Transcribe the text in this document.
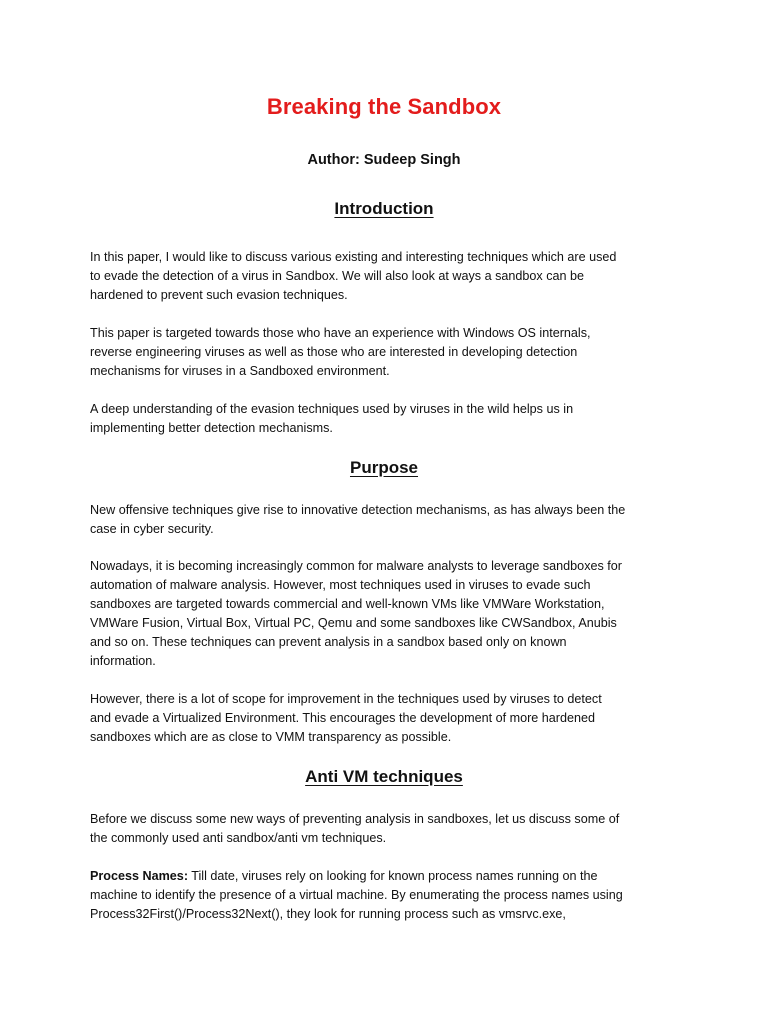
Breaking the Sandbox
Author: Sudeep Singh
Introduction

In this paper, I would like to discuss various existing and interesting techniques which are used
to evade the detection of a virus in Sandbox. We will also look at ways a sandbox can be
hardened to prevent such evasion techniques.

This paper is targeted towards those who have an experience with Windows OS internals,
reverse engineering viruses as well as those who are interested in developing detection
mechanisms for viruses in a Sandboxed environment.

A deep understanding of the evasion techniques used by viruses in the wild helps us in
implementing better detection mechanisms.

Purpose

New offensive techniques give rise to innovative detection mechanisms, as has always been the
case in cyber security.

Nowadays, it is becoming increasingly common for malware analysts to leverage sandboxes for
automation of malware analysis. However, most techniques used in viruses to evade such
sandboxes are targeted towards commercial and well-known VMs like VMWare Workstation,
VMWare Fusion, Virtual Box, Virtual PC, Qemu and some sandboxes like CWSandbox, Anubis
and so on. These techniques can prevent analysis in a sandbox based only on known
information.

However, there is a lot of scope for improvement in the techniques used by viruses to detect
and evade a Virtualized Environment. This encourages the development of more hardened
sandboxes which are as close to VMM transparency as possible.

Anti VM techniques

Before we discuss some new ways of preventing analysis in sandboxes, let us discuss some of
the commonly used anti sandbox/anti vm techniques.

Process Names: Till date, viruses rely on looking for known process names running on the
machine to identify the presence of a virtual machine. By enumerating the process names using
Process32First()/Process32Next(), they look for running process such as vmsrvc.exe,
